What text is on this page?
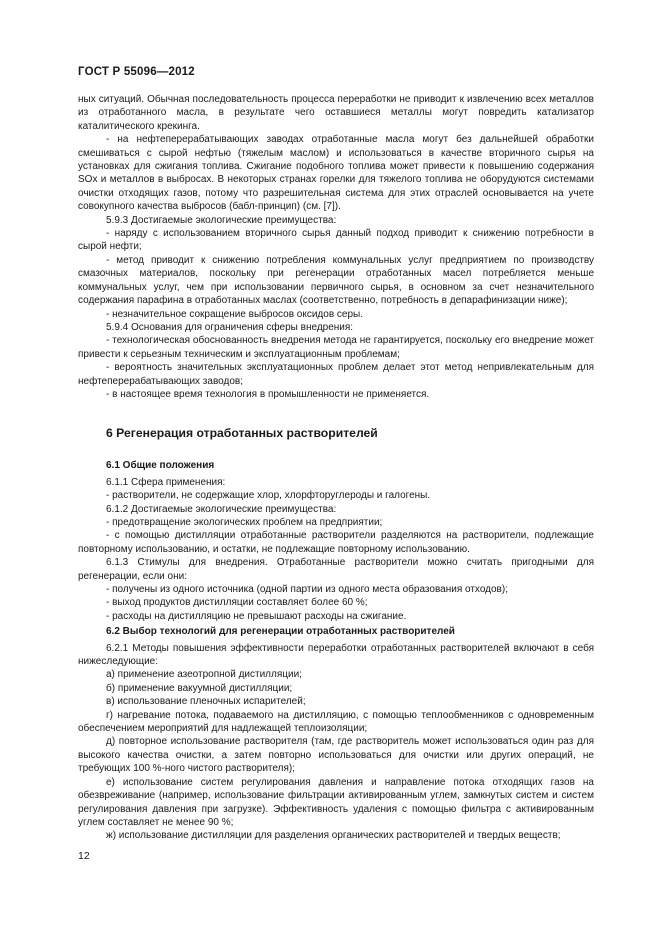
ГОСТ Р 55096—2012

ных ситуаций. Обычная последовательность процесса переработки не приводит к извлечению всех металлов из отработанного масла, в результате чего оставшиеся металлы могут повредить катализатор каталитического крекинга.

- на нефтеперерабатывающих заводах отработанные масла могут без дальнейшей обработки смешиваться с сырой нефтью (тяжелым маслом) и использоваться в качестве вторичного сырья на установках для сжигания топлива. Сжигание подобного топлива может привести к повышению содержания SOx и металлов в выбросах. В некоторых странах горелки для тяжелого топлива не оборудуются системами очистки отходящих газов, потому что разрешительная система для этих отраслей основывается на учете совокупного качества выбросов (бабл-принцип) (см. [7]).

5.9.3 Достигаемые экологические преимущества:

- наряду с использованием вторичного сырья данный подход приводит к снижению потребности в сырой нефти;

- метод приводит к снижению потребления коммунальных услуг предприятием по производству смазочных материалов, поскольку при регенерации отработанных масел потребляется меньше коммунальных услуг, чем при использовании первичного сырья, в основном за счет незначительного содержания парафина в отработанных маслах (соответственно, потребность в депарафинизации ниже);

- незначительное сокращение выбросов оксидов серы.

5.9.4 Основания для ограничения сферы внедрения:

- технологическая обоснованность внедрения метода не гарантируется, поскольку его внедрение может привести к серьезным техническим и эксплуатационным проблемам;

- вероятность значительных эксплуатационных проблем делает этот метод непривлекательным для нефтеперерабатывающих заводов;

- в настоящее время технология в промышленности не применяется.

6 Регенерация отработанных растворителей

6.1 Общие положения

6.1.1 Сфера применения:

- растворители, не содержащие хлор, хлорфторуглероды и галогены.

6.1.2 Достигаемые экологические преимущества:

- предотвращение экологических проблем на предприятии;

- с помощью дистилляции отработанные растворители разделяются на растворители, подлежащие повторному использованию, и остатки, не подлежащие повторному использованию.

6.1.3 Стимулы для внедрения. Отработанные растворители можно считать пригодными для регенерации, если они:

- получены из одного источника (одной партии из одного места образования отходов);

- выход продуктов дистилляции составляет более 60 %;

- расходы на дистилляцию не превышают расходы на сжигание.

6.2 Выбор технологий для регенерации отработанных растворителей

6.2.1 Методы повышения эффективности переработки отработанных растворителей включают в себя нижеследующие:

а) применение азеотропной дистилляции;

б) применение вакуумной дистилляции;

в) использование пленочных испарителей;

г) нагревание потока, подаваемого на дистилляцию, с помощью теплообменников с одновременным обеспечением мероприятий для надлежащей теплоизоляции;

д) повторное использование растворителя (там, где растворитель может использоваться один раз для высокого качества очистки, а затем повторно использоваться для очистки или других операций, не требующих 100 %-ного чистого растворителя);

е) использование систем регулирования давления и направление потока отходящих газов на обезвреживание (например, использование фильтрации активированным углем, замкнутых систем и систем регулирования давления при загрузке). Эффективность удаления с помощью фильтра с активированным углем составляет не менее 90 %;

ж) использование дистилляции для разделения органических растворителей и твердых веществ;

12
